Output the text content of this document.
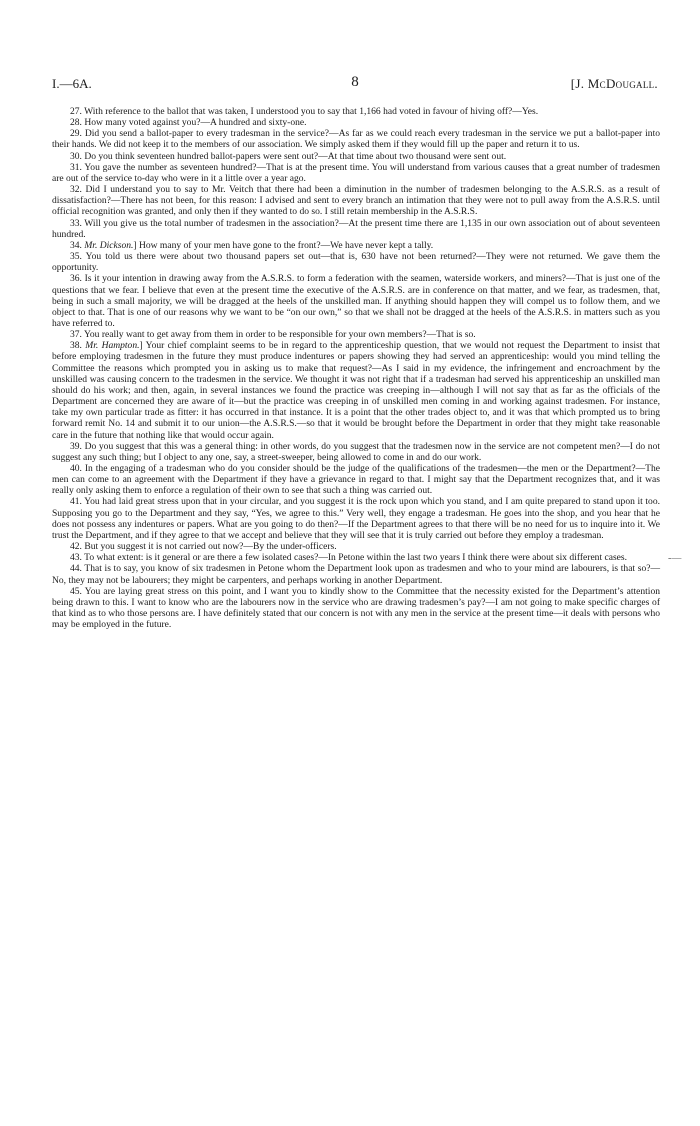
I.—6A.	8	[J. McDougall.

27. With reference to the ballot that was taken, I understood you to say that 1,166 had voted in favour of hiving off?—Yes.

28. How many voted against you?—A hundred and sixty-one.

29. Did you send a ballot-paper to every tradesman in the service?—As far as we could reach every tradesman in the service we put a ballot-paper into their hands. We did not keep it to the members of our association. We simply asked them if they would fill up the paper and return it to us.

30. Do you think seventeen hundred ballot-papers were sent out?—At that time about two thousand were sent out.

31. You gave the number as seventeen hundred?—That is at the present time. You will understand from various causes that a great number of tradesmen are out of the service to-day who were in it a little over a year ago.

32. Did I understand you to say to Mr. Veitch that there had been a diminution in the number of tradesmen belonging to the A.S.R.S. as a result of dissatisfaction?—There has not been, for this reason: I advised and sent to every branch an intimation that they were not to pull away from the A.S.R.S. until official recognition was granted, and only then if they wanted to do so. I still retain membership in the A.S.R.S.

33. Will you give us the total number of tradesmen in the association?—At the present time there are 1,135 in our own association out of about seventeen hundred.

34. Mr. Dickson.] How many of your men have gone to the front?—We have never kept a tally.

35. You told us there were about two thousand papers set out—that is, 630 have not been returned?—They were not returned. We gave them the opportunity.

36. Is it your intention in drawing away from the A.S.R.S. to form a federation with the seamen, waterside workers, and miners?—That is just one of the questions that we fear. I believe that even at the present time the executive of the A.S.R.S. are in conference on that matter, and we fear, as tradesmen, that, being in such a small majority, we will be dragged at the heels of the unskilled man. If anything should happen they will compel us to follow them, and we object to that. That is one of our reasons why we want to be “on our own,” so that we shall not be dragged at the heels of the A.S.R.S. in matters such as you have referred to.

37. You really want to get away from them in order to be responsible for your own members?—That is so.

38. Mr. Hampton.] Your chief complaint seems to be in regard to the apprenticeship question, that we would not request the Department to insist that before employing tradesmen in the future they must produce indentures or papers showing they had served an apprenticeship: would you mind telling the Committee the reasons which prompted you in asking us to make that request?—As I said in my evidence, the infringement and encroachment by the unskilled was causing concern to the tradesmen in the service. We thought it was not right that if a tradesman had served his apprenticeship an unskilled man should do his work; and then, again, in several instances we found the practice was creeping in—although I will not say that as far as the officials of the Department are concerned they are aware of it—but the practice was creeping in of unskilled men coming in and working against tradesmen. For instance, take my own particular trade as fitter: it has occurred in that instance. It is a point that the other trades object to, and it was that which prompted us to bring forward remit No. 14 and submit it to our union—the A.S.R.S.—so that it would be brought before the Department in order that they might take reasonable care in the future that nothing like that would occur again.

39. Do you suggest that this was a general thing: in other words, do you suggest that the tradesmen now in the service are not competent men?—I do not suggest any such thing; but I object to any one, say, a street-sweeper, being allowed to come in and do our work.

40. In the engaging of a tradesman who do you consider should be the judge of the qualifications of the tradesmen—the men or the Department?—The men can come to an agreement with the Department if they have a grievance in regard to that. I might say that the Department recognizes that, and it was really only asking them to enforce a regulation of their own to see that such a thing was carried out.

41. You had laid great stress upon that in your circular, and you suggest it is the rock upon which you stand, and I am quite prepared to stand upon it too. Supposing you go to the Department and they say, “Yes, we agree to this.” Very well, they engage a tradesman. He goes into the shop, and you hear that he does not possess any indentures or papers. What are you going to do then?—If the Department agrees to that there will be no need for us to inquire into it. We trust the Department, and if they agree to that we accept and believe that they will see that it is truly carried out before they employ a tradesman.

42. But you suggest it is not carried out now?—By the under-officers.

43. To what extent: is it general or are there a few isolated cases?—In Petone within the last two years I think there were about six different cases.

44. That is to say, you know of six tradesmen in Petone whom the Department look upon as tradesmen and who to your mind are labourers, is that so?—No, they may not be labourers; they might be carpenters, and perhaps working in another Department.

45. You are laying great stress on this point, and I want you to kindly show to the Committee that the necessity existed for the Department’s attention being drawn to this. I want to know who are the labourers now in the service who are drawing tradesmen’s pay?—I am not going to make specific charges of that kind as to who those persons are. I have definitely stated that our concern is not with any men in the service at the present time—it deals with persons who may be employed in the future.

-—
